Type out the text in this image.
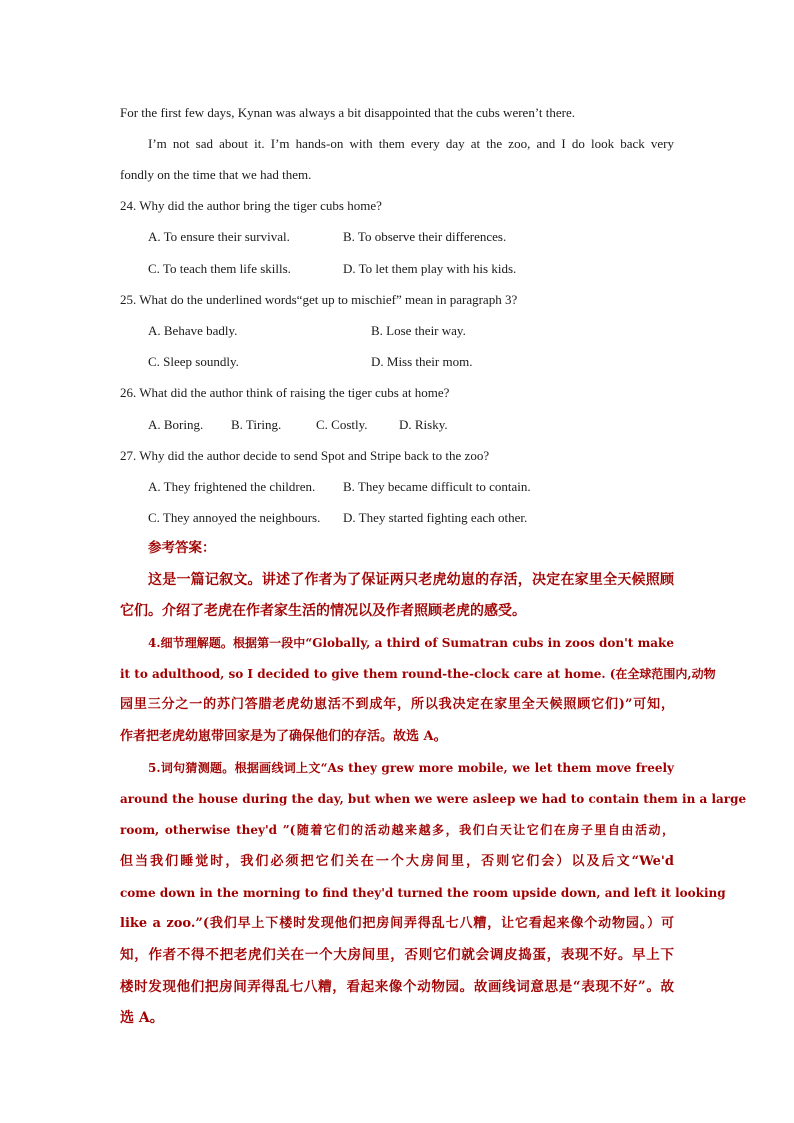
For the first few days, Kynan was always a bit disappointed that the cubs weren’t there.
I’m not sad about it. I’m hands-on with them every day at the zoo, and I do look back very
fondly on the time that we had them.
24. Why did the author bring the tiger cubs home?
A. To ensure their survival.	B. To observe their differences.
C. To teach them life skills.	D. To let them play with his kids.
25. What do the underlined words“get up to mischief” mean in paragraph 3?
A. Behave badly.	B. Lose their way.
C. Sleep soundly.	D. Miss their mom.
26. What did the author think of raising the tiger cubs at home?
A. Boring. B. Tiring.	C. Costly. D. Risky.
27. Why did the author decide to send Spot and Stripe back to the zoo?
A. They frightened the children. B. They became difficult to contain.
C. They annoyed the neighbours. D. They started fighting each other.
参考答案：
这是一篇记叙文。讲述了作者为了保证两只老虎幼崽的存活，决定在家里全天候照顾
它们。介绍了老虎在作者家生活的情况以及作者照顾老虎的感受。
4.细节理解题。根据第一段中“Globally, a third of Sumatran cubs in zoos don't make
it to adulthood, so I decided to give them round-the-clock care at home. (在全球范围内,动物
园里三分之一的苏门答腊老虎幼崽活不到成年，所以我决定在家里全天候照顾它们)”可知，
作者把老虎幼崽带回家是为了确保他们的存活。故选 A。
5.词句猜测题。根据画线词上文“As they grew more mobile, we let them move freely
around the house during the day, but when we were asleep we had to contain them in a large
room, otherwise they'd ”(随着它们的活动越来越多，我们白天让它们在房子里自由活动，
但当我们睡觉时，我们必须把它们关在一个大房间里，否则它们会）以及后文“We'd
come down in the morning to find they'd turned the room upside down, and left it looking
like a zoo.”(我们早上下楼时发现他们把房间弄得乱七八糟，让它看起来像个动物园。）可
知，作者不得不把老虎们关在一个大房间里，否则它们就会调皮捣蛋，表现不好。早上下
楼时发现他们把房间弄得乱七八糟，看起来像个动物园。故画线词意思是“表现不好”。故
选 A。
